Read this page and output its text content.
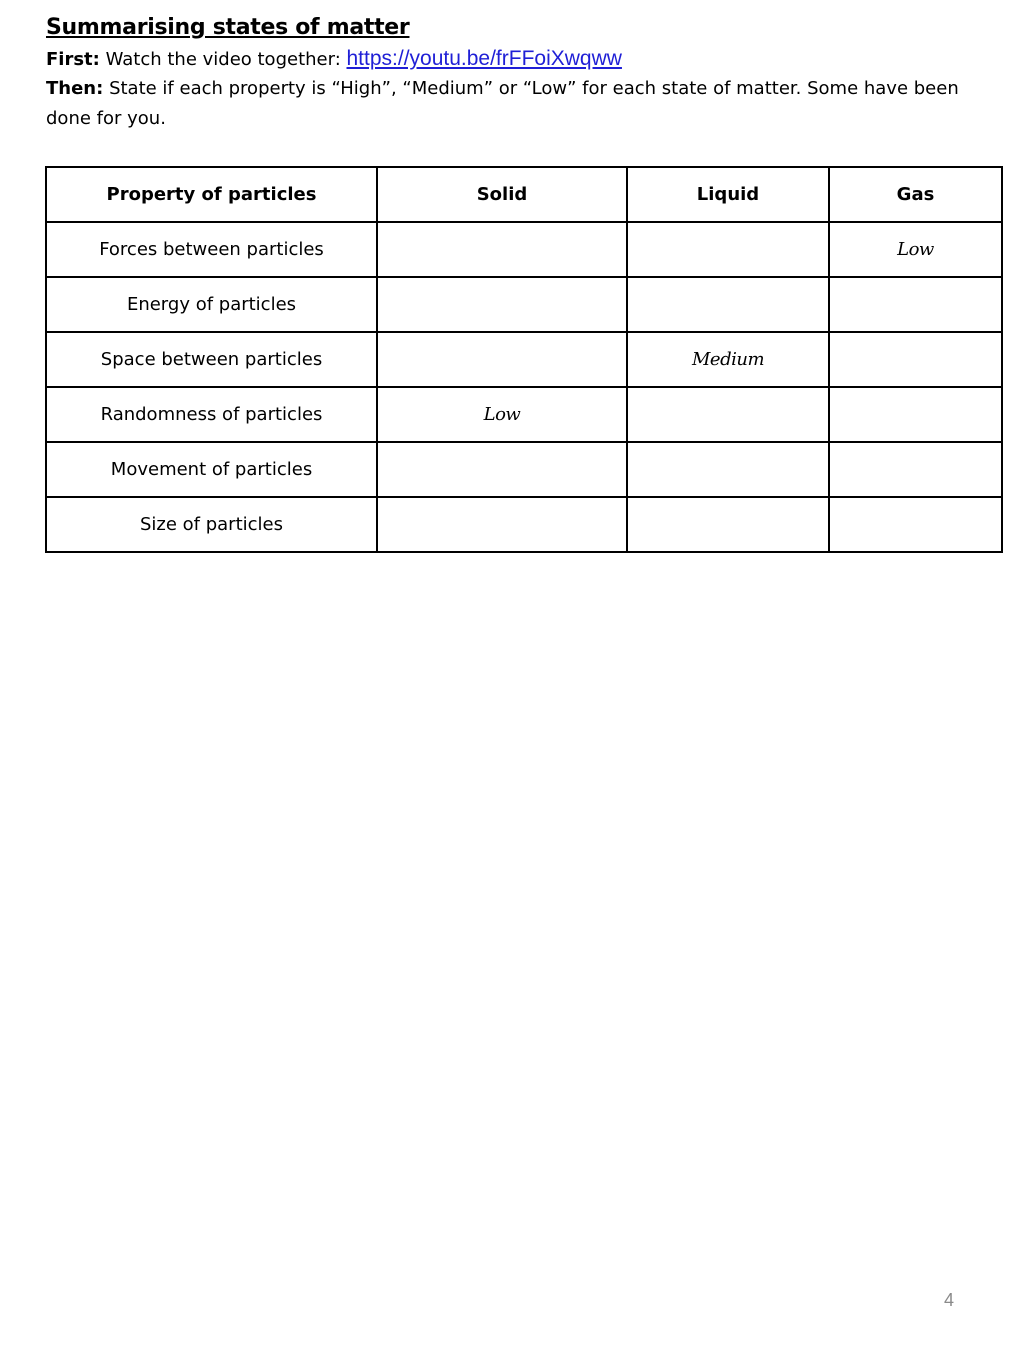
Summarising states of matter

First: Watch the video together: https://youtu.be/frFFoiXwqww

Then: State if each property is “High”, “Medium” or “Low” for each state of matter. Some have been done for you.

Property of particles	Solid	Liquid	Gas
Forces between particles			Low
Energy of particles			
Space between particles		Medium	
Randomness of particles	Low		
Movement of particles			
Size of particles			
4
